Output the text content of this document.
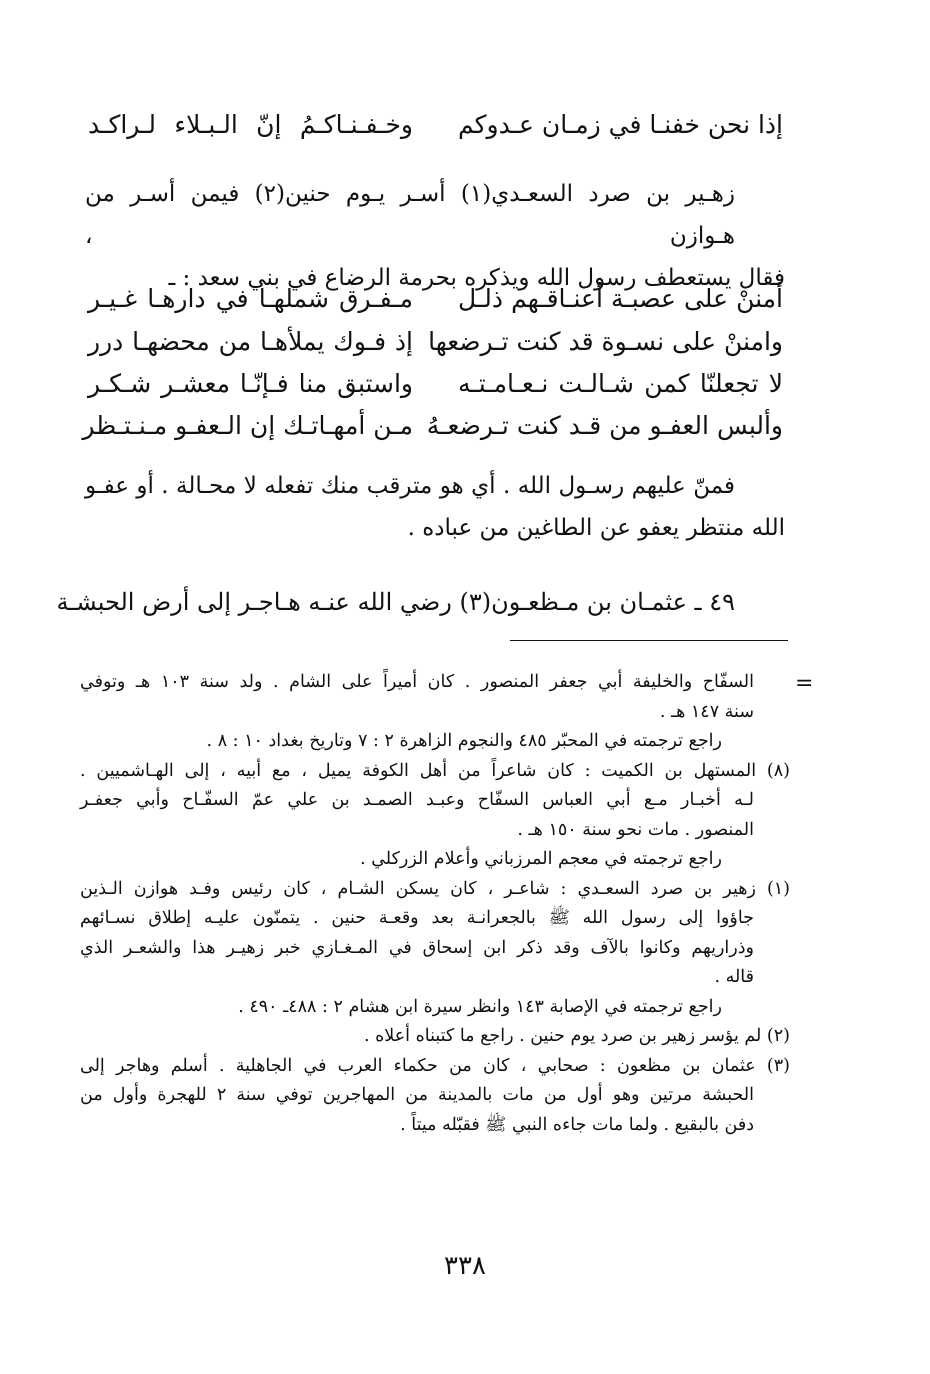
إذا نحن خفنـا في زمـان عـدوكم
وخـفـنـاكـمُ إنّ الـبـلاء لـراكـد
زهـير بن صرد السعـدي(١) أسـر يـوم حنين(٢) فيمن أسـر من هـوازن ،
فقال يستعطف رسول الله ويذكره بحرمة الرضاع في بني سعد : ـ
أمننْ على عصبـة أعنـاقـهم ذلـل
مـفـرق شملهـا في دارهـا غـيـر
وامننْ على نسـوة قد كنت تـرضعها
إذ فـوك يملأهـا من محضهـا درر
لا تجعلنّا كمن شـالـت نـعـامـتـه
واستبق منا فـإنّـا معشـر شـكـر
وألبس العفـو من قـد كنت تـرضعـهُ
مـن أمهـاتـك إن الـعفـو مـنـتـظر
فمنّ عليهم رسـول الله . أي هو مترقب منك تفعله لا محـالة . أو عفـو
الله منتظر يعفو عن الطاغين من عباده .
٤٩ ـ عثمـان بن مـظعـون(٣) رضي الله عنـه هـاجـر إلى أرض الحبشـة
=
السفّاح والخليفة أبي جعفر المنصور . كان أميراً على الشام . ولد سنة ١٠٣ هـ وتوفي
سنة ١٤٧ هـ .
راجع ترجمته في المحبّر ٤٨٥ والنجوم الزاهرة ٢ : ٧ وتاريخ بغداد ١٠ : ٨ .
(٨) المستهل بن الكميت : كان شاعراً من أهل الكوفة يميل ، مع أبيه ، إلى الهـاشميين .
لـه أخبـار مـع أبي العباس السفّاح وعبـد الصمـد بن علي عمّ السفّـاح وأبي جعفـر
المنصور . مات نحو سنة ١٥٠ هـ .
راجع ترجمته في معجم المرزباني وأعلام الزركلي .
(١) زهير بن صرد السعـدي : شاعـر ، كان يسكن الشـام ، كان رئيس وفـد هوازن الـذين
جاؤوا إلى رسول الله ﷺ بالجعرانـة بعد وقعـة حنين . يتمنّون عليـه إطلاق نسـائهم
وذراريهم وكانوا بالآف وقد ذكر ابن إسحاق في المـغـازي خبر زهيـر هذا والشعـر الذي
قاله .
راجع ترجمته في الإصابة ١٤٣ وانظر سيرة ابن هشام ٢ : ٤٨٨ـ ٤٩٠ .
(٢) لم يؤسر زهير بن صرد يوم حنين . راجع ما كتبناه أعلاه .
(٣) عثمان بن مظعون : صحابي ، كان من حكماء العرب في الجاهلية . أسلم وهاجر إلى
الحبشة مرتين وهو أول من مات بالمدينة من المهاجرين توفي سنة ٢ للهجرة وأول من
دفن بالبقيع . ولما مات جاءه النبي ﷺ فقبّله ميتاً .
٣٣٨
